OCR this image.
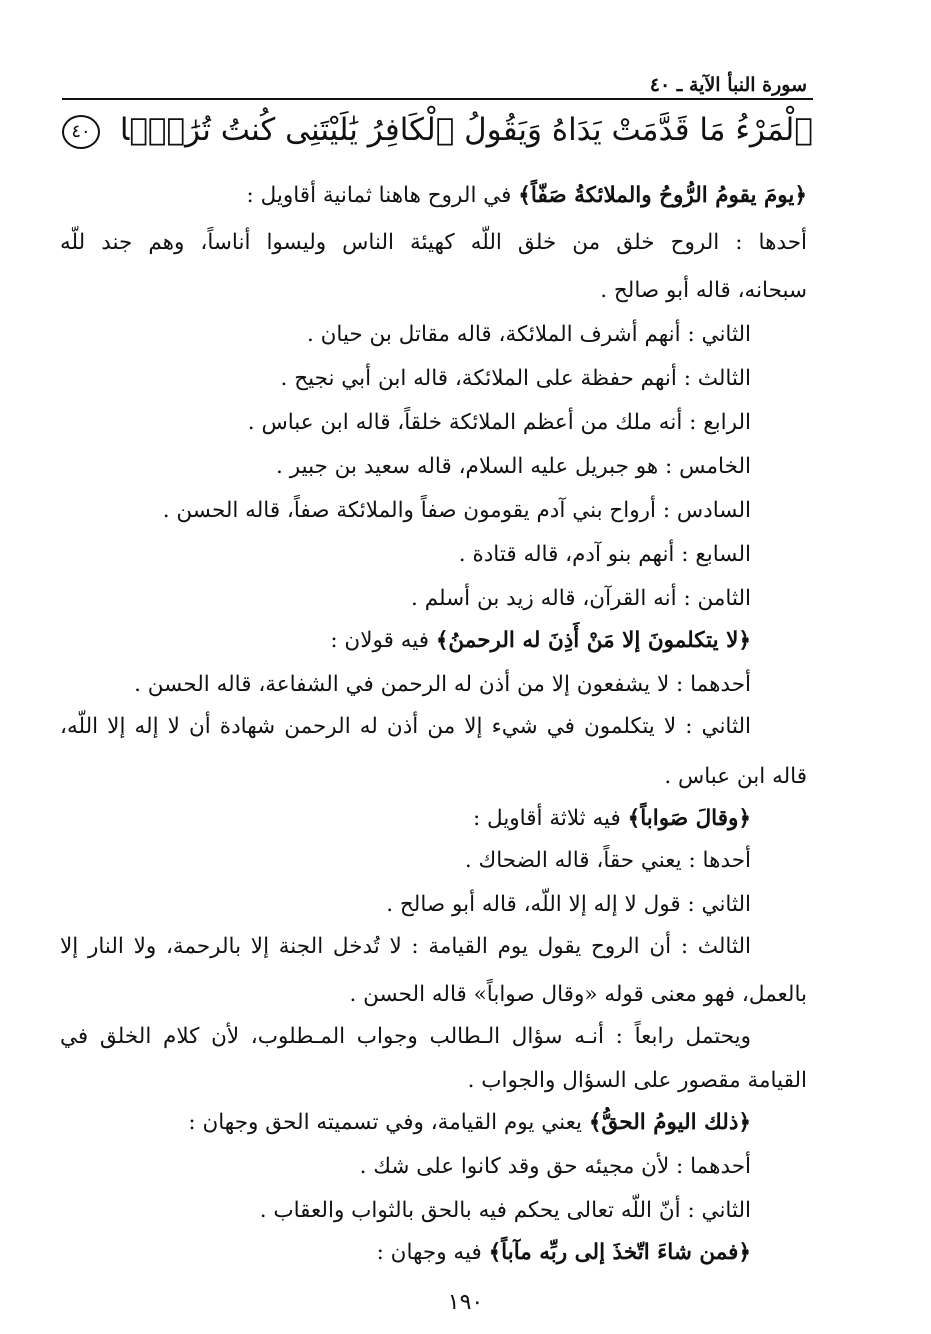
سورة النبأ الآية ـ ٤٠
ٱلْمَرْءُ مَا قَدَّمَتْ يَدَاهُ وَيَقُولُ ٱلْكَافِرُ يَٰلَيْتَنِى كُنتُ تُرَٰبًۢا ٤٠
﴿يومَ يقومُ الرُّوحُ والملائكةُ صَفّاً﴾ في الروح هاهنا ثمانية أقاويل :
أحدها : الروح خلق من خلق اللّه كهيئة الناس وليسوا أناساً، وهم جند للّه
سبحانه، قاله أبو صالح .
الثاني : أنهم أشرف الملائكة، قاله مقاتل بن حيان .
الثالث : أنهم حفظة على الملائكة، قاله ابن أبي نجيح .
الرابع : أنه ملك من أعظم الملائكة خلقاً، قاله ابن عباس .
الخامس : هو جبريل عليه السلام، قاله سعيد بن جبير .
السادس : أرواح بني آدم يقومون صفاً والملائكة صفاً، قاله الحسن .
السابع : أنهم بنو آدم، قاله قتادة .
الثامن : أنه القرآن، قاله زيد بن أسلم .
﴿لا يتكلمونَ إلا مَنْ أَذِنَ له الرحمنُ﴾ فيه قولان :
أحدهما : لا يشفعون إلا من أذن له الرحمن في الشفاعة، قاله الحسن .
الثاني : لا يتكلمون في شيء إلا من أذن له الرحمن شهادة أن لا إله إلا اللّه،
قاله ابن عباس .
﴿وقالَ صَواباً﴾ فيه ثلاثة أقاويل :
أحدها : يعني حقاً، قاله الضحاك .
الثاني : قول لا إله إلا اللّه، قاله أبو صالح .
الثالث : أن الروح يقول يوم القيامة : لا تُدخل الجنة إلا بالرحمة، ولا النار إلا
بالعمل، فهو معنى قوله «وقال صواباً» قاله الحسن .
ويحتمل رابعاً : أنـه سؤال الـطالب وجواب المـطلوب، لأن كلام الخلق في
القيامة مقصور على السؤال والجواب .
﴿ذلك اليومُ الحقُّ﴾ يعني يوم القيامة، وفي تسميته الحق وجهان :
أحدهما : لأن مجيئه حق وقد كانوا على شك .
الثاني : أنّ اللّه تعالى يحكم فيه بالحق بالثواب والعقاب .
﴿فمن شاءَ اتّخذَ إلى ربِّه مآباً﴾ فيه وجهان :
١٩٠
